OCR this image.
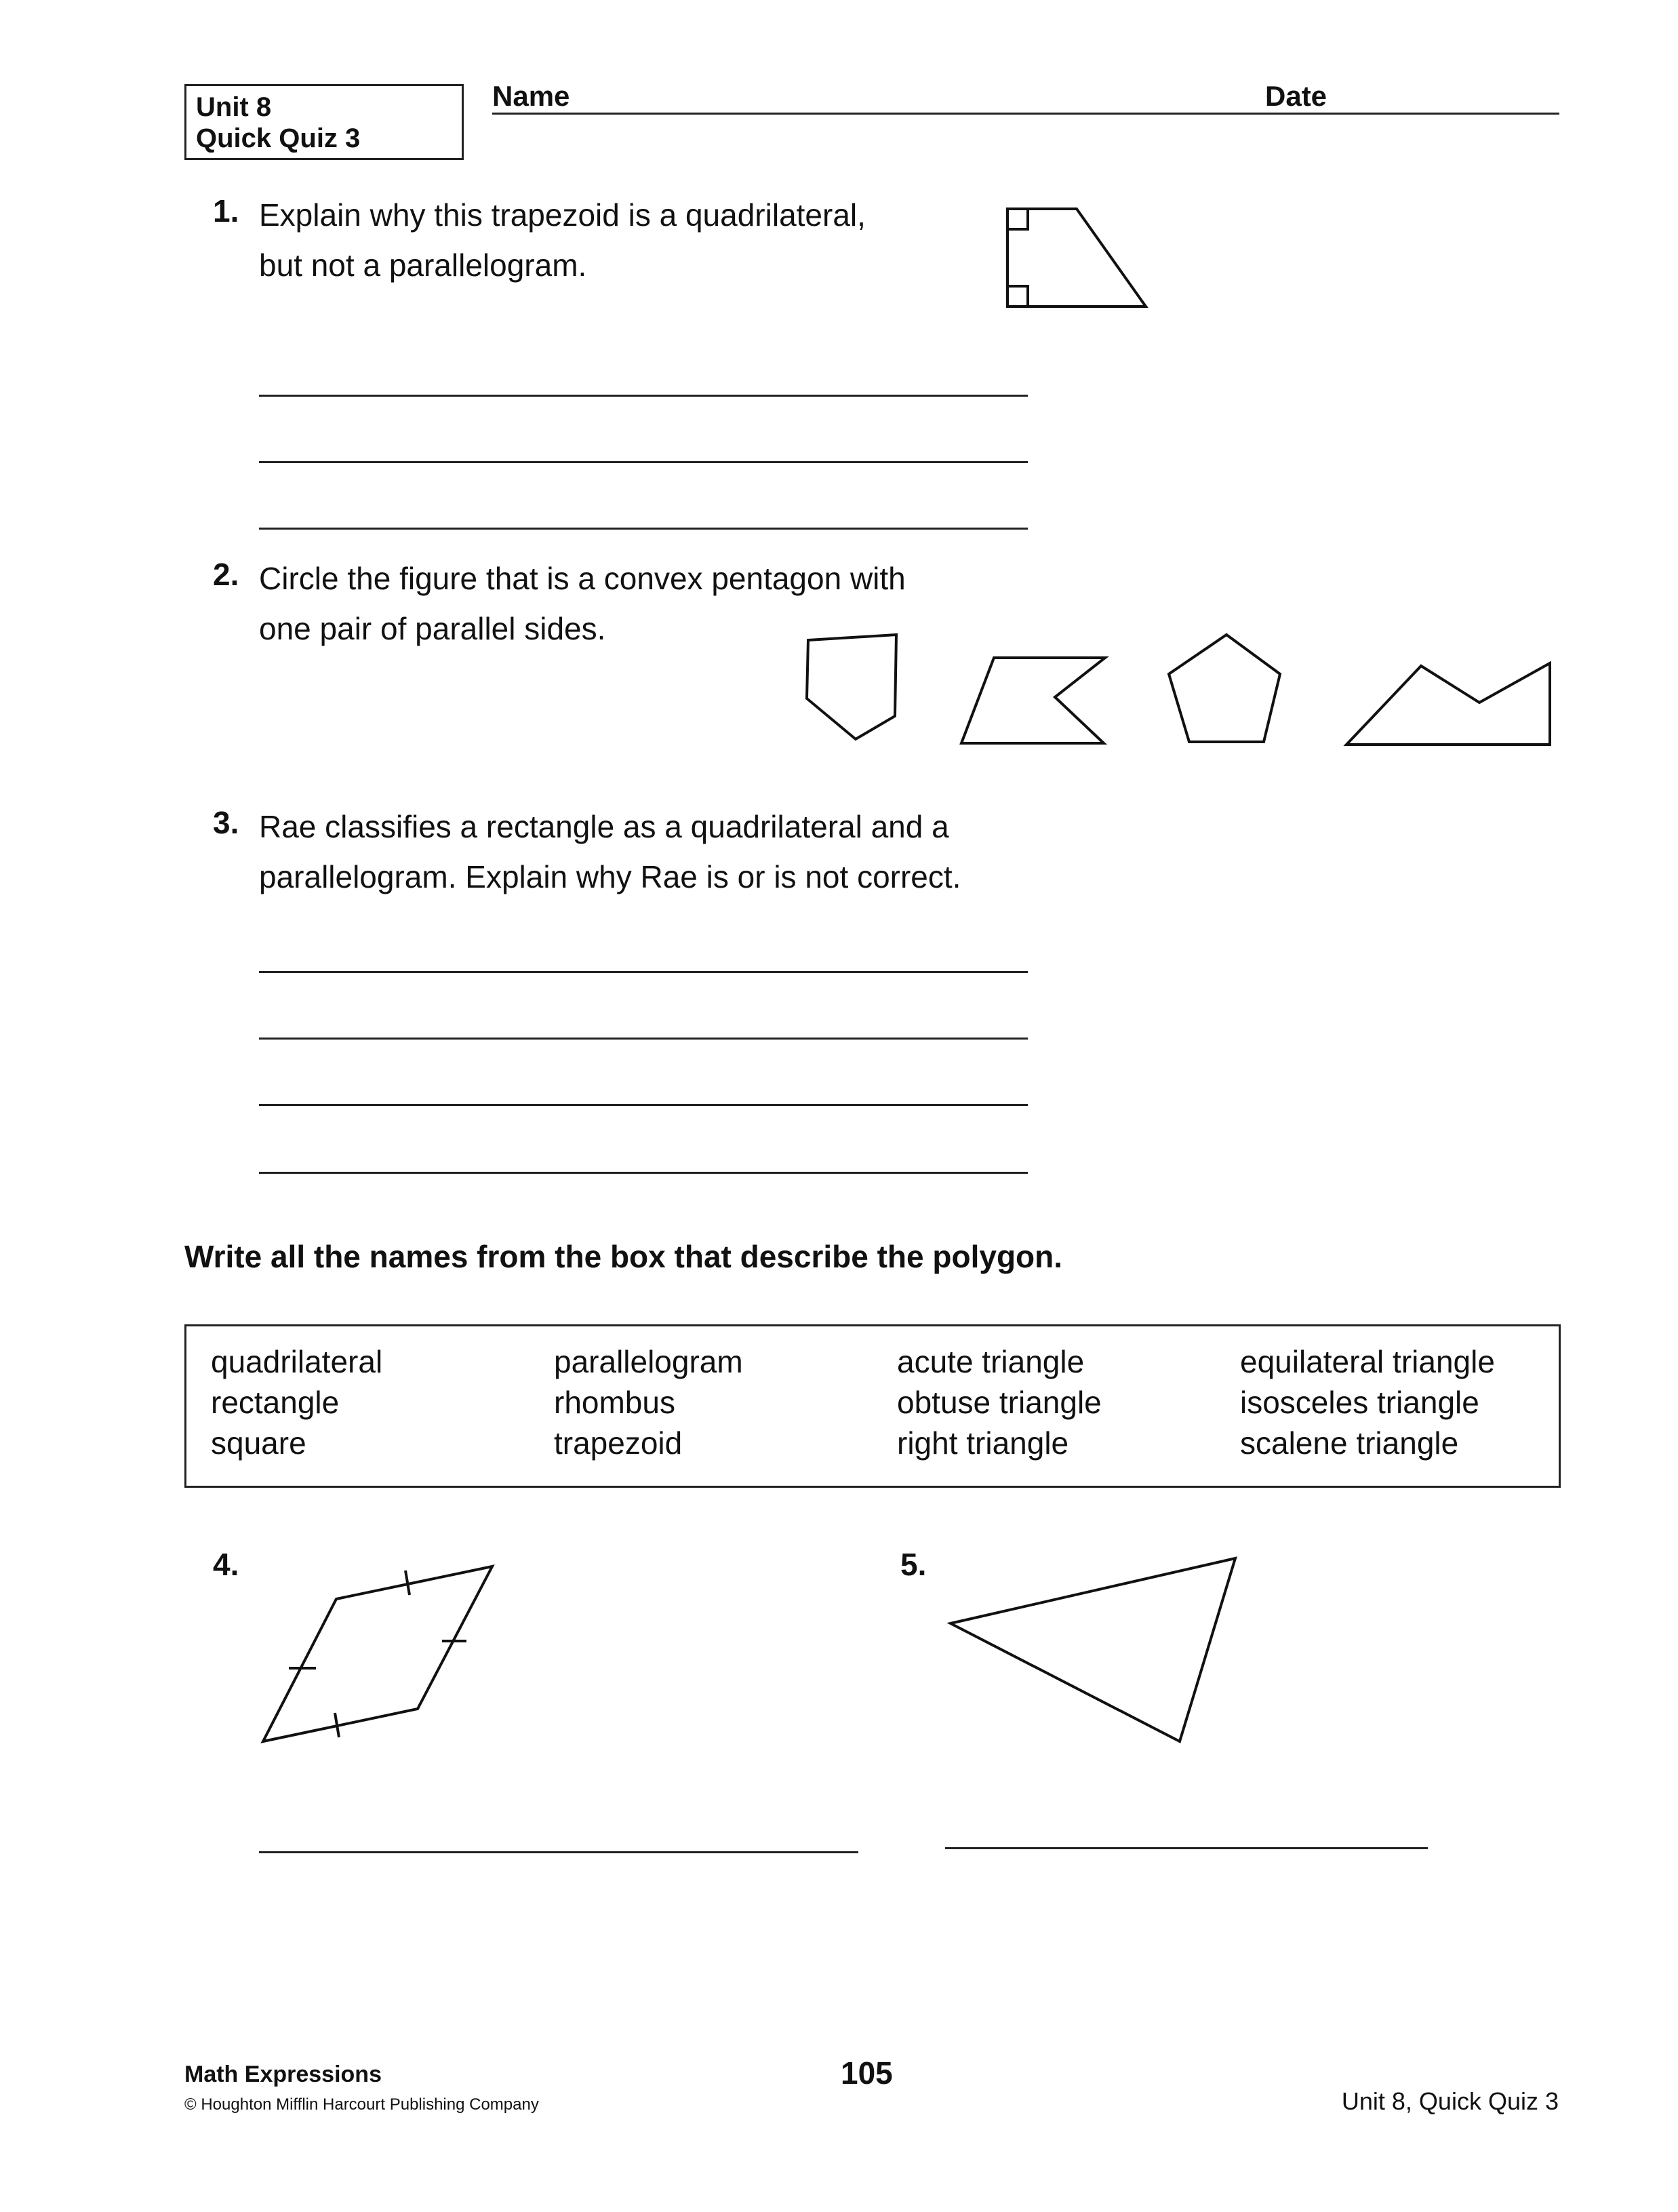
Unit 8
Quick Quiz 3
Name	Date
1. Explain why this trapezoid is a quadrilateral,
but not a parallelogram.
2. Circle the figure that is a convex pentagon with
one pair of parallel sides.
3. Rae classifies a rectangle as a quadrilateral and a
parallelogram. Explain why Rae is or is not correct.
Write all the names from the box that describe the polygon.
quadrilateral
rectangle
square
parallelogram
rhombus
trapezoid
acute triangle
obtuse triangle
right triangle
equilateral triangle
isosceles triangle
scalene triangle
4.	5.
Math Expressions
© Houghton Mifflin Harcourt Publishing Company
105
Unit 8, Quick Quiz 3
